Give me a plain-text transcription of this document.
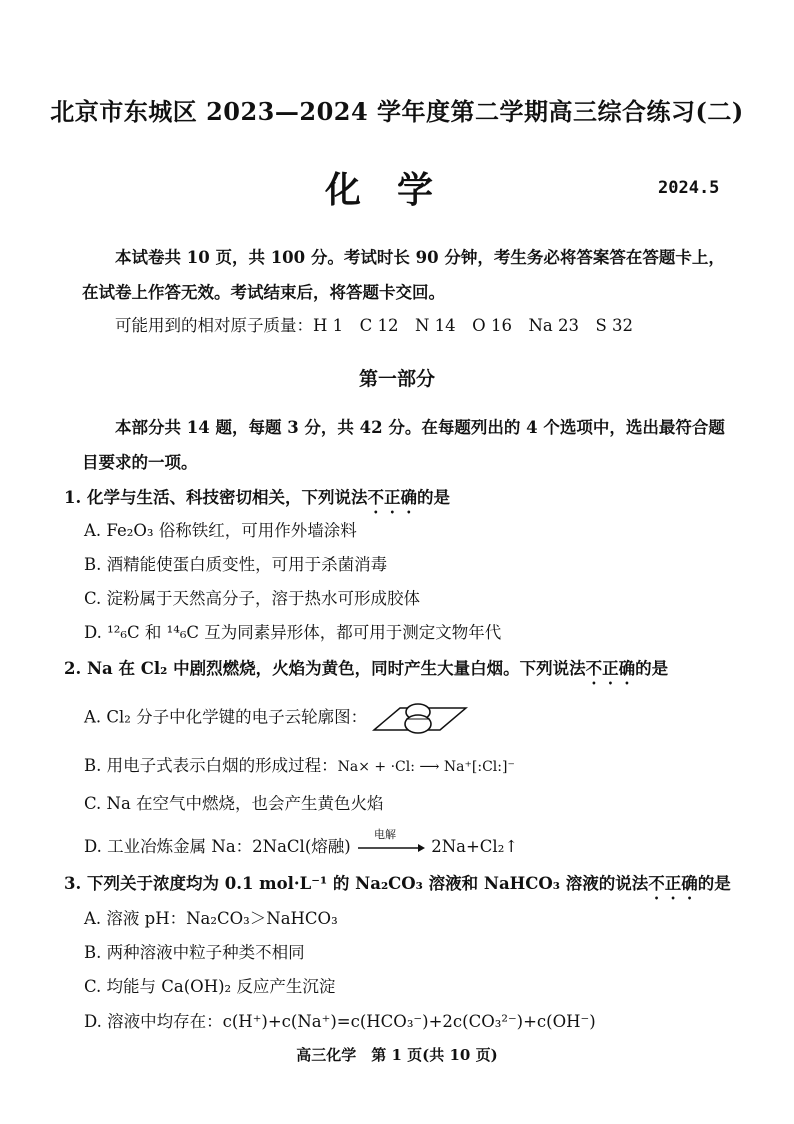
北京市东城区 2023—2024 学年度第二学期高三综合练习(二)
化学	2024.5
本试卷共 10 页，共 100 分。考试时长 90 分钟，考生务必将答案答在答题卡上，在试卷上作答无效。考试结束后，将答题卡交回。
可能用到的相对原子质量：H 1　C 12　N 14　O 16　Na 23　S 32
第一部分
本部分共 14 题，每题 3 分，共 42 分。在每题列出的 4 个选项中，选出最符合题目要求的一项。
1. 化学与生活、科技密切相关，下列说法不正确的是
A. Fe₂O₃ 俗称铁红，可用作外墙涂料
B. 酒精能使蛋白质变性，可用于杀菌消毒
C. 淀粉属于天然高分子，溶于热水可形成胶体
D. ¹²₆C 和 ¹⁴₆C 互为同素异形体，都可用于测定文物年代
2. Na 在 Cl₂ 中剧烈燃烧，火焰为黄色，同时产生大量白烟。下列说法不正确的是
A. Cl₂ 分子中化学键的电子云轮廓图：
B. 用电子式表示白烟的形成过程：Na× + ·Cl: ⟶ Na⁺[:Cl:]⁻
C. Na 在空气中燃烧，也会产生黄色火焰
D. 工业冶炼金属 Na：2NaCl(熔融)
电解
2Na+Cl₂↑
3. 下列关于浓度均为 0.1 mol·L⁻¹ 的 Na₂CO₃ 溶液和 NaHCO₃ 溶液的说法不正确的是
A. 溶液 pH：Na₂CO₃＞NaHCO₃
B. 两种溶液中粒子种类不相同
C. 均能与 Ca(OH)₂ 反应产生沉淀
D. 溶液中均存在：c(H⁺)+c(Na⁺)=c(HCO₃⁻)+2c(CO₃²⁻)+c(OH⁻)
高三化学　第 1 页(共 10 页)
